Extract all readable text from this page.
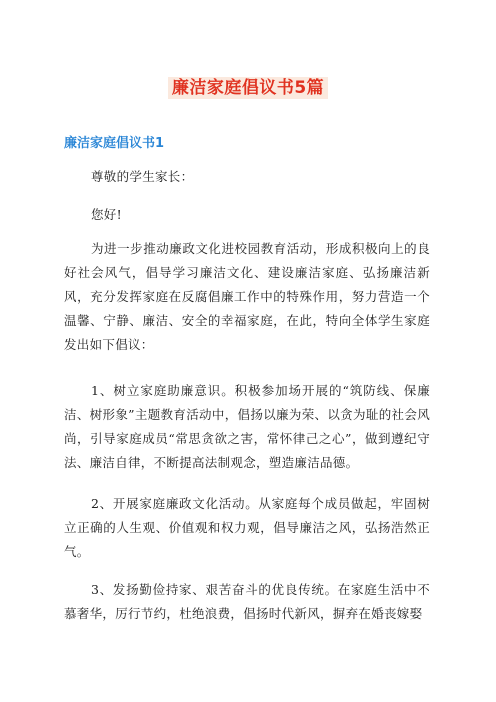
廉洁家庭倡议书5篇
廉洁家庭倡议书1

尊敬的学生家长：

您好!

为进一步推动廉政文化进校园教育活动，形成积极向上的良好社会风气，倡导学习廉洁文化、建设廉洁家庭、弘扬廉洁新风，充分发挥家庭在反腐倡廉工作中的特殊作用，努力营造一个温馨、宁静、廉洁、安全的幸福家庭，在此，特向全体学生家庭发出如下倡议：

1、树立家庭助廉意识。积极参加场开展的“筑防线、保廉洁、树形象”主题教育活动中，倡扬以廉为荣、以贪为耻的社会风尚，引导家庭成员“常思贪欲之害，常怀律己之心”，做到遵纪守法、廉洁自律，不断提高法制观念，塑造廉洁品德。

2、开展家庭廉政文化活动。从家庭每个成员做起，牢固树立正确的人生观、价值观和权力观，倡导廉洁之风，弘扬浩然正气。

3、发扬勤俭持家、艰苦奋斗的优良传统。在家庭生活中不慕奢华，厉行节约，杜绝浪费，倡扬时代新风，摒弃在婚丧嫁娶
